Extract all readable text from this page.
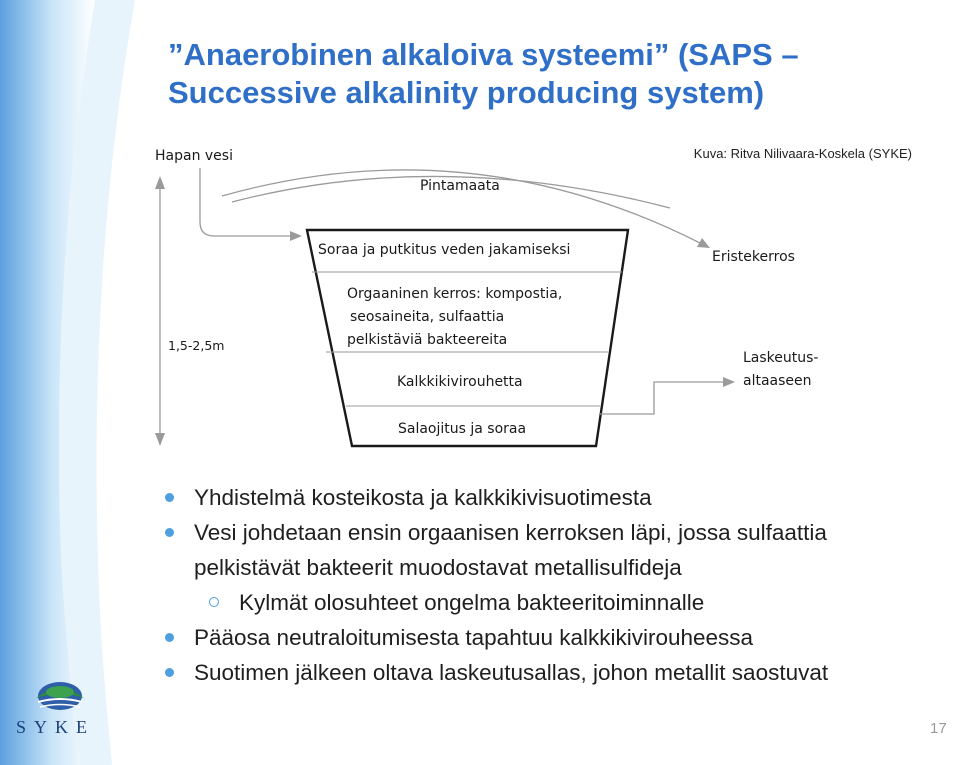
”Anaerobinen alkaloiva systeemi” (SAPS –
Successive alkalinity producing system)
Kuva: Ritva Nilivaara-Koskela (SYKE)
1,5-2,5m
Hapan vesi
Pintamaata
Eristekerros
Soraa ja putkitus veden jakamiseksi
Orgaaninen kerros: kompostia,
seosaineita, sulfaattia
pelkistäviä bakteereita
Kalkkikivirouhetta
Salaojitus ja soraa
Laskeutus-
altaaseen
Yhdistelmä kosteikosta ja kalkkikivisuotimesta
Vesi johdetaan ensin orgaanisen kerroksen läpi, jossa sulfaattia pelkistävät bakteerit muodostavat metallisulfideja
Kylmät olosuhteet ongelma bakteeritoiminnalle
Pääosa neutraloitumisesta tapahtuu kalkkikivirouheessa
Suotimen jälkeen oltava laskeutusallas, johon metallit saostuvat
SYKE	17
